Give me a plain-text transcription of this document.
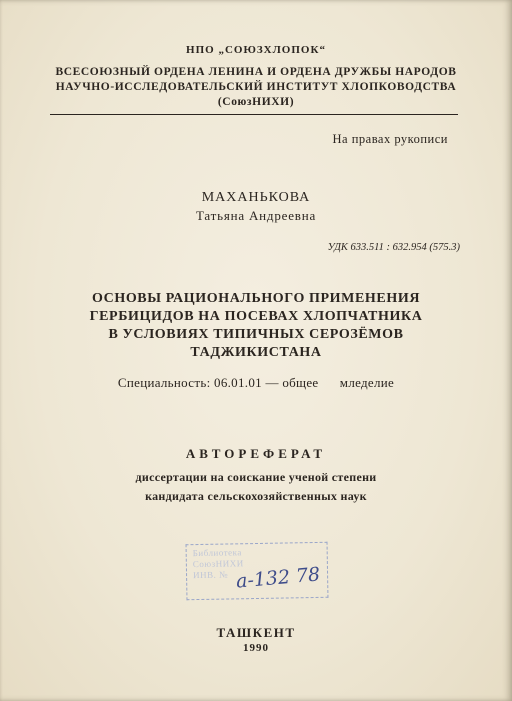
НПО „СОЮЗХЛОПОК“
ВСЕСОЮЗНЫЙ ОРДЕНА ЛЕНИНА И ОРДЕНА ДРУЖБЫ НАРОДОВ
НАУЧНО-ИССЛЕДОВАТЕЛЬСКИЙ ИНСТИТУТ ХЛОПКОВОДСТВА
(СоюзНИХИ)
На правах рукописи
МАХАНЬКОВА
Татьяна Андреевна
УДК 633.511 : 632.954 (575.3)
ОСНОВЫ РАЦИОНАЛЬНОГО ПРИМЕНЕНИЯ
ГЕРБИЦИДОВ НА ПОСЕВАХ ХЛОПЧАТНИКА
В УСЛОВИЯХ ТИПИЧНЫХ СЕРОЗЁМОВ
ТАДЖИКИСТАНА
Специальность: 06.01.01 — общее      мледелие
АВТОРЕФЕРАТ
диссертации на соискание ученой степени
кандидата сельскохозяйственных наук
Библиотека
СоюзНИХИ
ИНВ. № а-132 78
ТАШКЕНТ
1990
